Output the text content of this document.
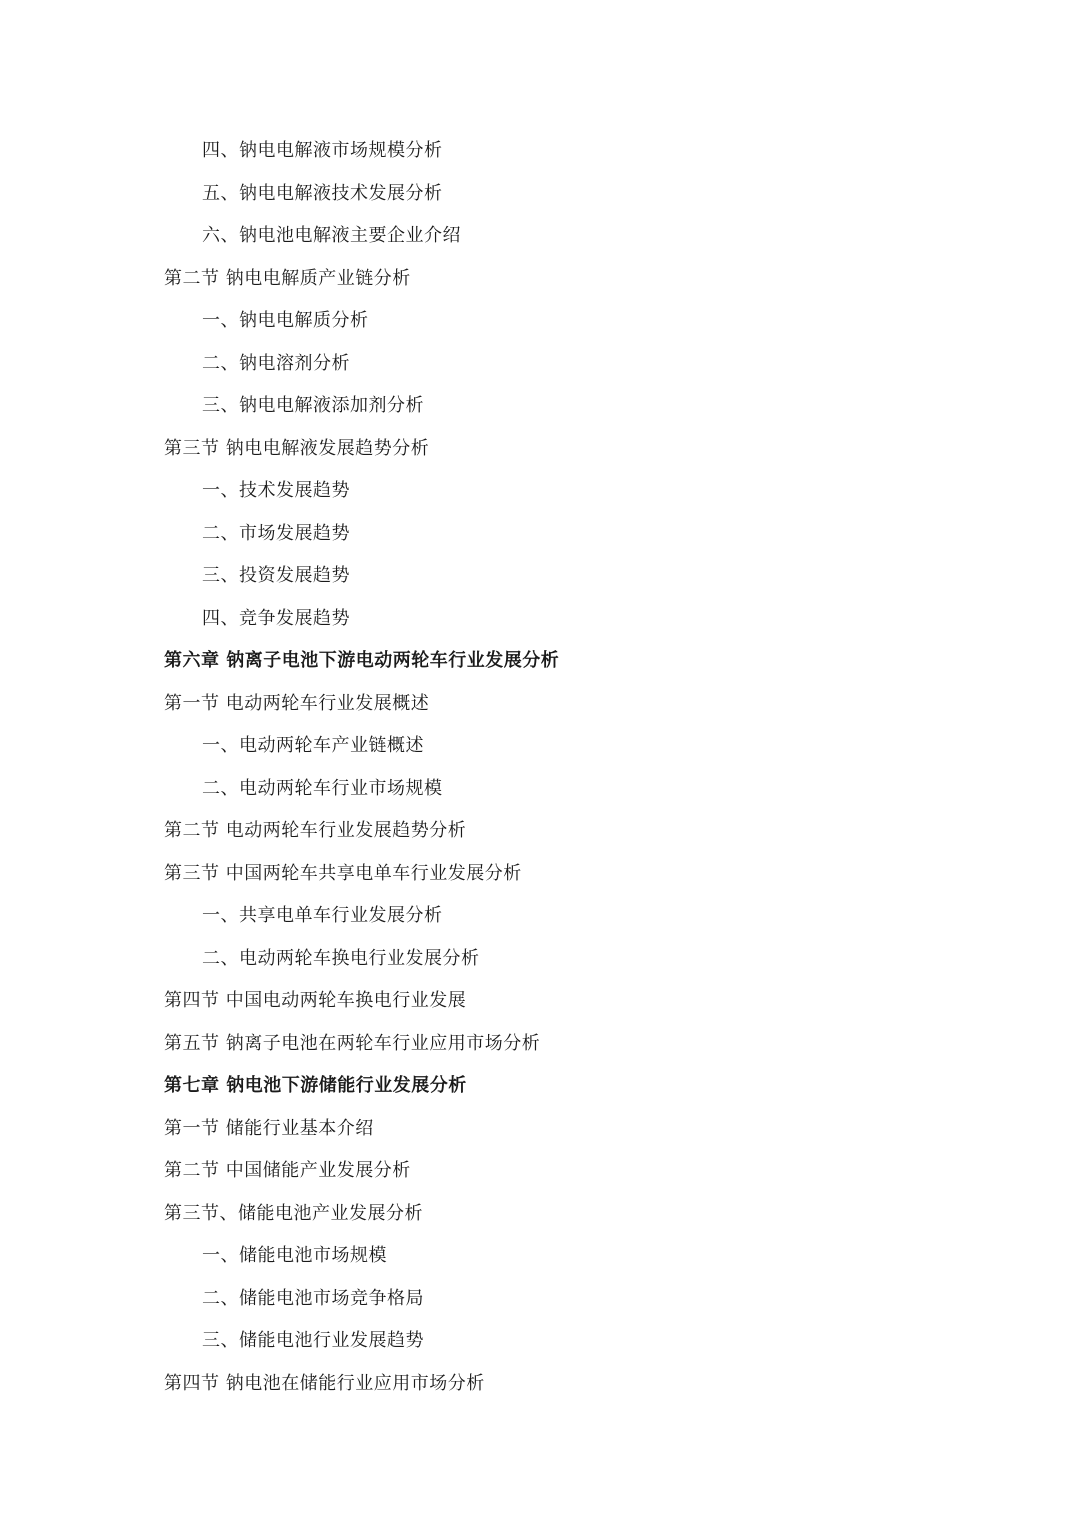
四、钠电电解液市场规模分析
五、钠电电解液技术发展分析
六、钠电池电解液主要企业介绍
第二节 钠电电解质产业链分析
一、钠电电解质分析
二、钠电溶剂分析
三、钠电电解液添加剂分析
第三节 钠电电解液发展趋势分析
一、技术发展趋势
二、市场发展趋势
三、投资发展趋势
四、竞争发展趋势
第六章 钠离子电池下游电动两轮车行业发展分析
第一节 电动两轮车行业发展概述
一、电动两轮车产业链概述
二、电动两轮车行业市场规模
第二节 电动两轮车行业发展趋势分析
第三节 中国两轮车共享电单车行业发展分析
一、共享电单车行业发展分析
二、电动两轮车换电行业发展分析
第四节 中国电动两轮车换电行业发展
第五节 钠离子电池在两轮车行业应用市场分析
第七章 钠电池下游储能行业发展分析
第一节 储能行业基本介绍
第二节 中国储能产业发展分析
第三节、储能电池产业发展分析
一、储能电池市场规模
二、储能电池市场竞争格局
三、储能电池行业发展趋势
第四节 钠电池在储能行业应用市场分析
